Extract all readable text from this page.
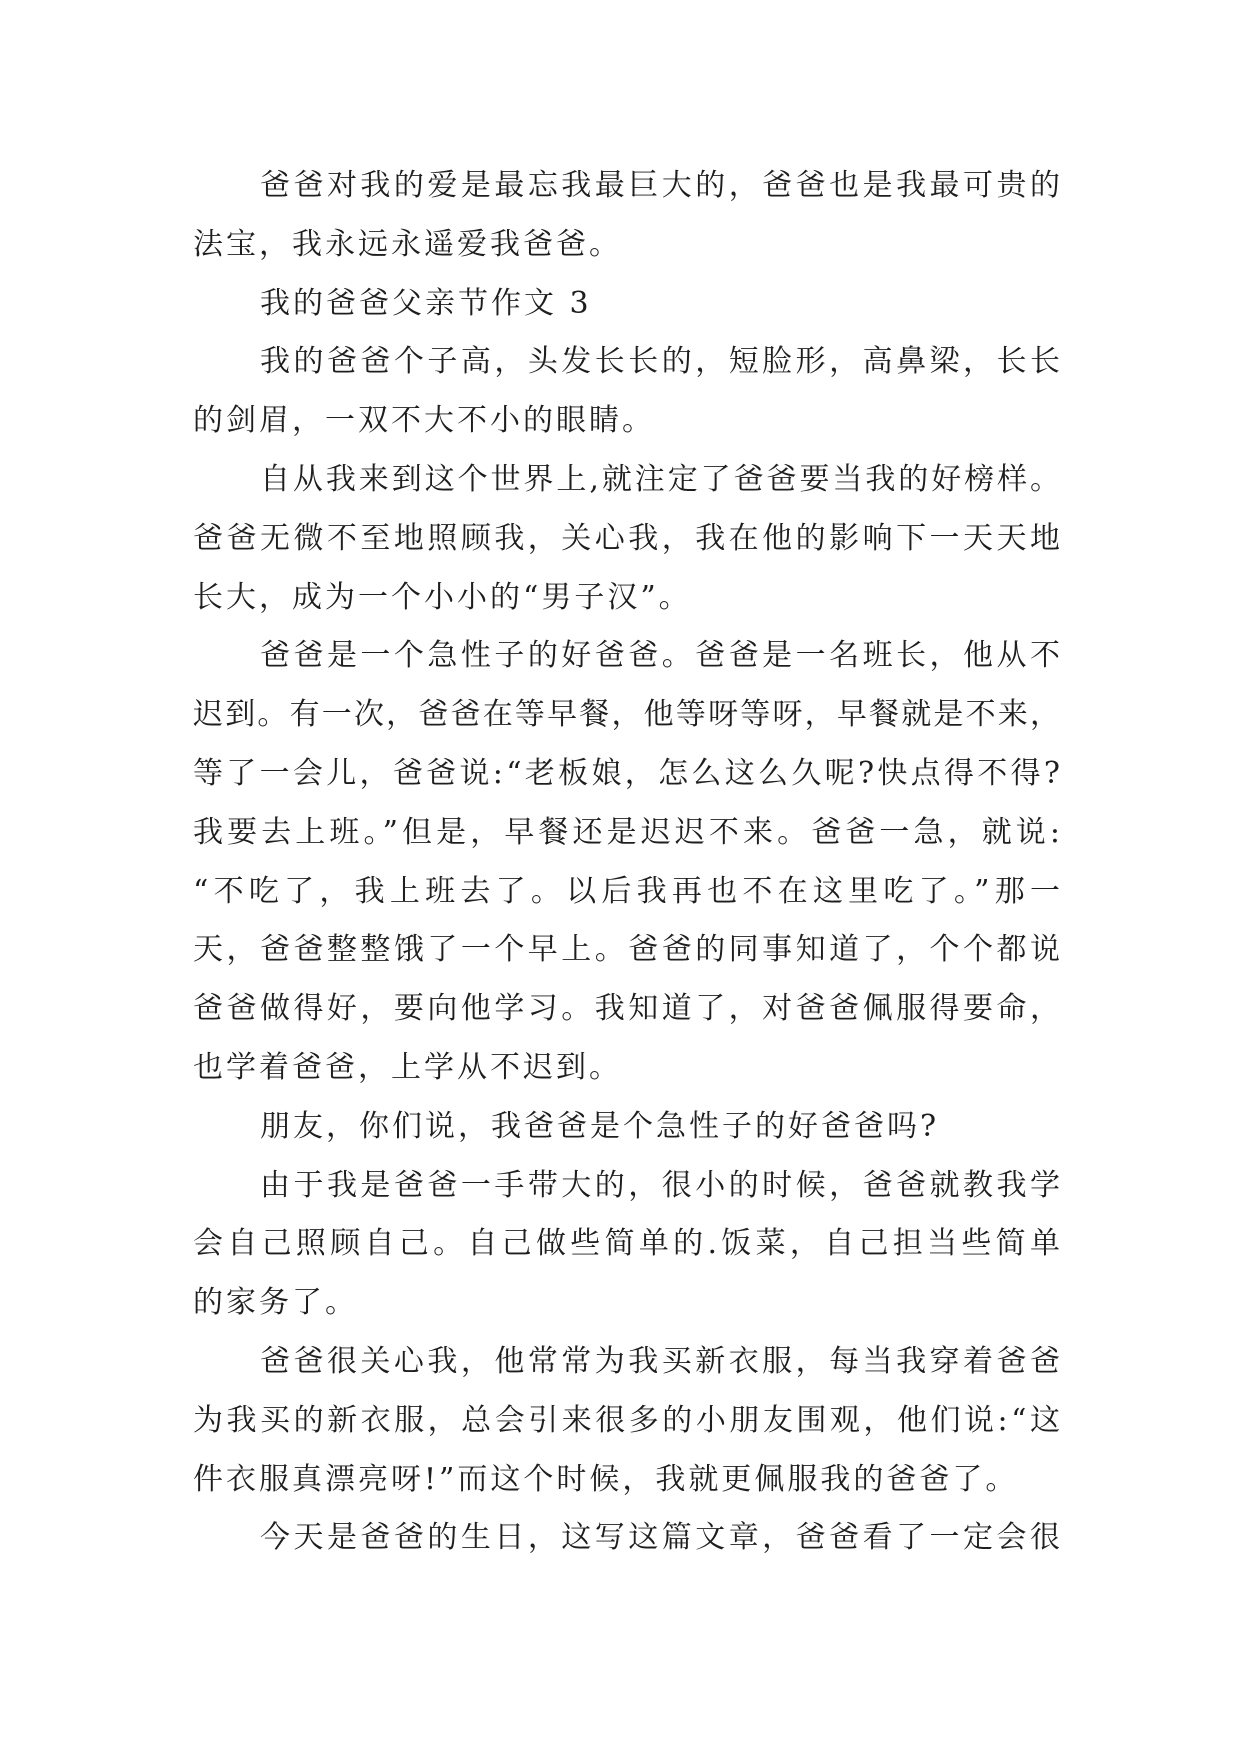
爸爸对我的爱是最忘我最巨大的，爸爸也是我最可贵的
法宝，我永远永遥爱我爸爸。
我的爸爸父亲节作文 3
我的爸爸个子高，头发长长的，短脸形，高鼻梁，长长
的剑眉，一双不大不小的眼睛。
自从我来到这个世界上,就注定了爸爸要当我的好榜样。
爸爸无微不至地照顾我，关心我，我在他的影响下一天天地
长大，成为一个小小的“男子汉”。
爸爸是一个急性子的好爸爸。爸爸是一名班长，他从不
迟到。有一次，爸爸在等早餐，他等呀等呀，早餐就是不来，
等了一会儿，爸爸说:“老板娘，怎么这么久呢?快点得不得?
我要去上班。”但是，早餐还是迟迟不来。爸爸一急，就说:
“不吃了，我上班去了。以后我再也不在这里吃了。”那一
天，爸爸整整饿了一个早上。爸爸的同事知道了，个个都说
爸爸做得好，要向他学习。我知道了，对爸爸佩服得要命，
也学着爸爸，上学从不迟到。
朋友，你们说，我爸爸是个急性子的好爸爸吗?
由于我是爸爸一手带大的，很小的时候，爸爸就教我学
会自己照顾自己。自己做些简单的.饭菜，自己担当些简单
的家务了。
爸爸很关心我，他常常为我买新衣服，每当我穿着爸爸
为我买的新衣服，总会引来很多的小朋友围观，他们说:“这
件衣服真漂亮呀!”而这个时候，我就更佩服我的爸爸了。
今天是爸爸的生日，这写这篇文章，爸爸看了一定会很
